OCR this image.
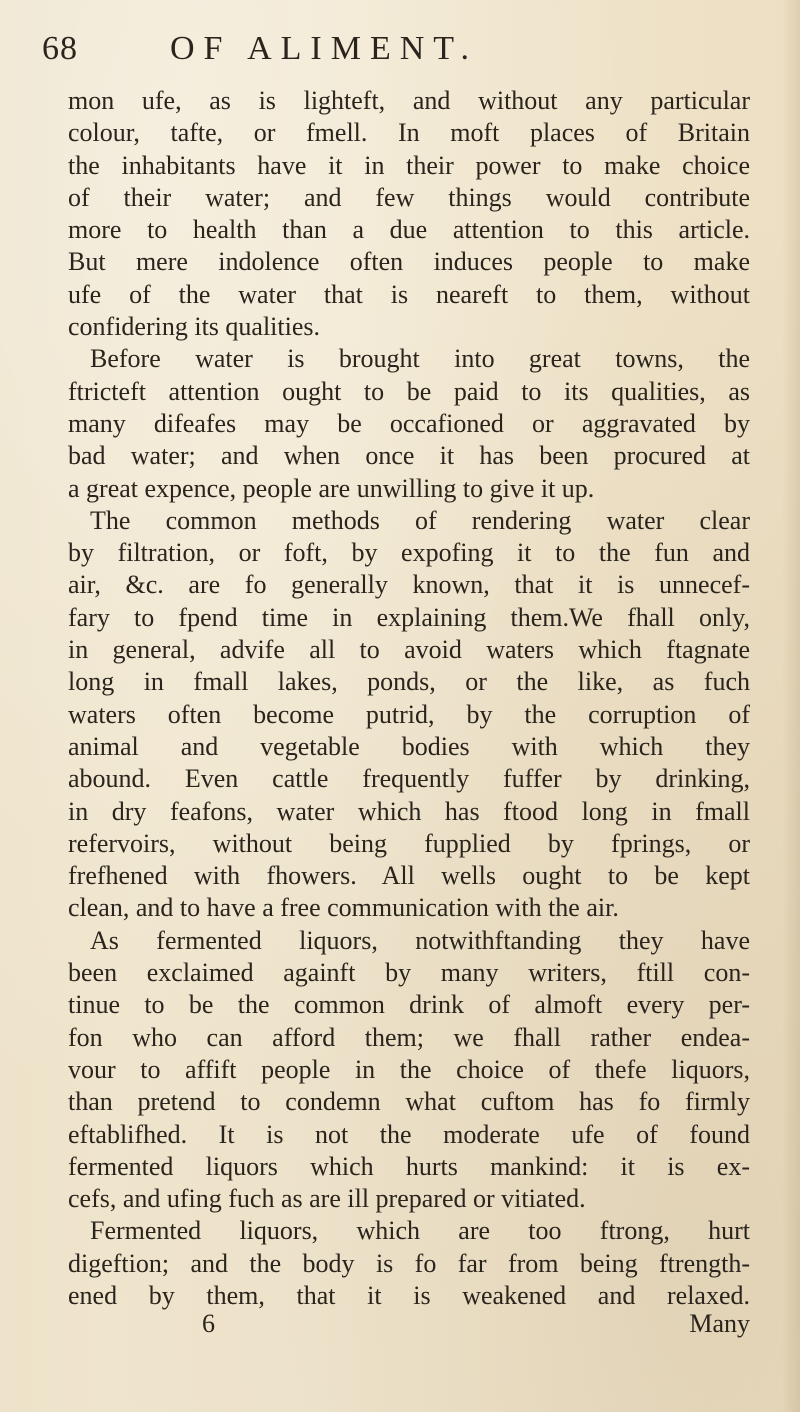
68	OF ALIMENT.

mon ufe, as is lighteft, and without any particular
colour, tafte, or fmell. In moft places of Britain
the inhabitants have it in their power to make choice
of their water; and few things would contribute
more to health than a due attention to this article.
But mere indolence often induces people to make
ufe of the water that is neareft to them, without
confidering its qualities.
Before water is brought into great towns, the
ftricteft attention ought to be paid to its qualities, as
many difeafes may be occafioned or aggravated by
bad water; and when once it has been procured at
a great expence, people are unwilling to give it up.
The common methods of rendering water clear
by filtration, or foft, by expofing it to the fun and
air, &c. are fo generally known, that it is unnecef-
fary to fpend time in explaining them.We fhall only,
in general, advife all to avoid waters which ftagnate
long in fmall lakes, ponds, or the like, as fuch
waters often become putrid, by the corruption of
animal and vegetable bodies with which they
abound. Even cattle frequently fuffer by drinking,
in dry feafons, water which has ftood long in fmall
refervoirs, without being fupplied by fprings, or
frefhened with fhowers. All wells ought to be kept
clean, and to have a free communication with the air.
As fermented liquors, notwithftanding they have
been exclaimed againft by many writers, ftill con-
tinue to be the common drink of almoft every per-
fon who can afford them; we fhall rather endea-
vour to affift people in the choice of thefe liquors,
than pretend to condemn what cuftom has fo firmly
eftablifhed. It is not the moderate ufe of found
fermented liquors which hurts mankind: it is ex-
cefs, and ufing fuch as are ill prepared or vitiated.
Fermented liquors, which are too ftrong, hurt
digeftion; and the body is fo far from being ftrength-
ened by them, that it is weakened and relaxed.
6	Many
